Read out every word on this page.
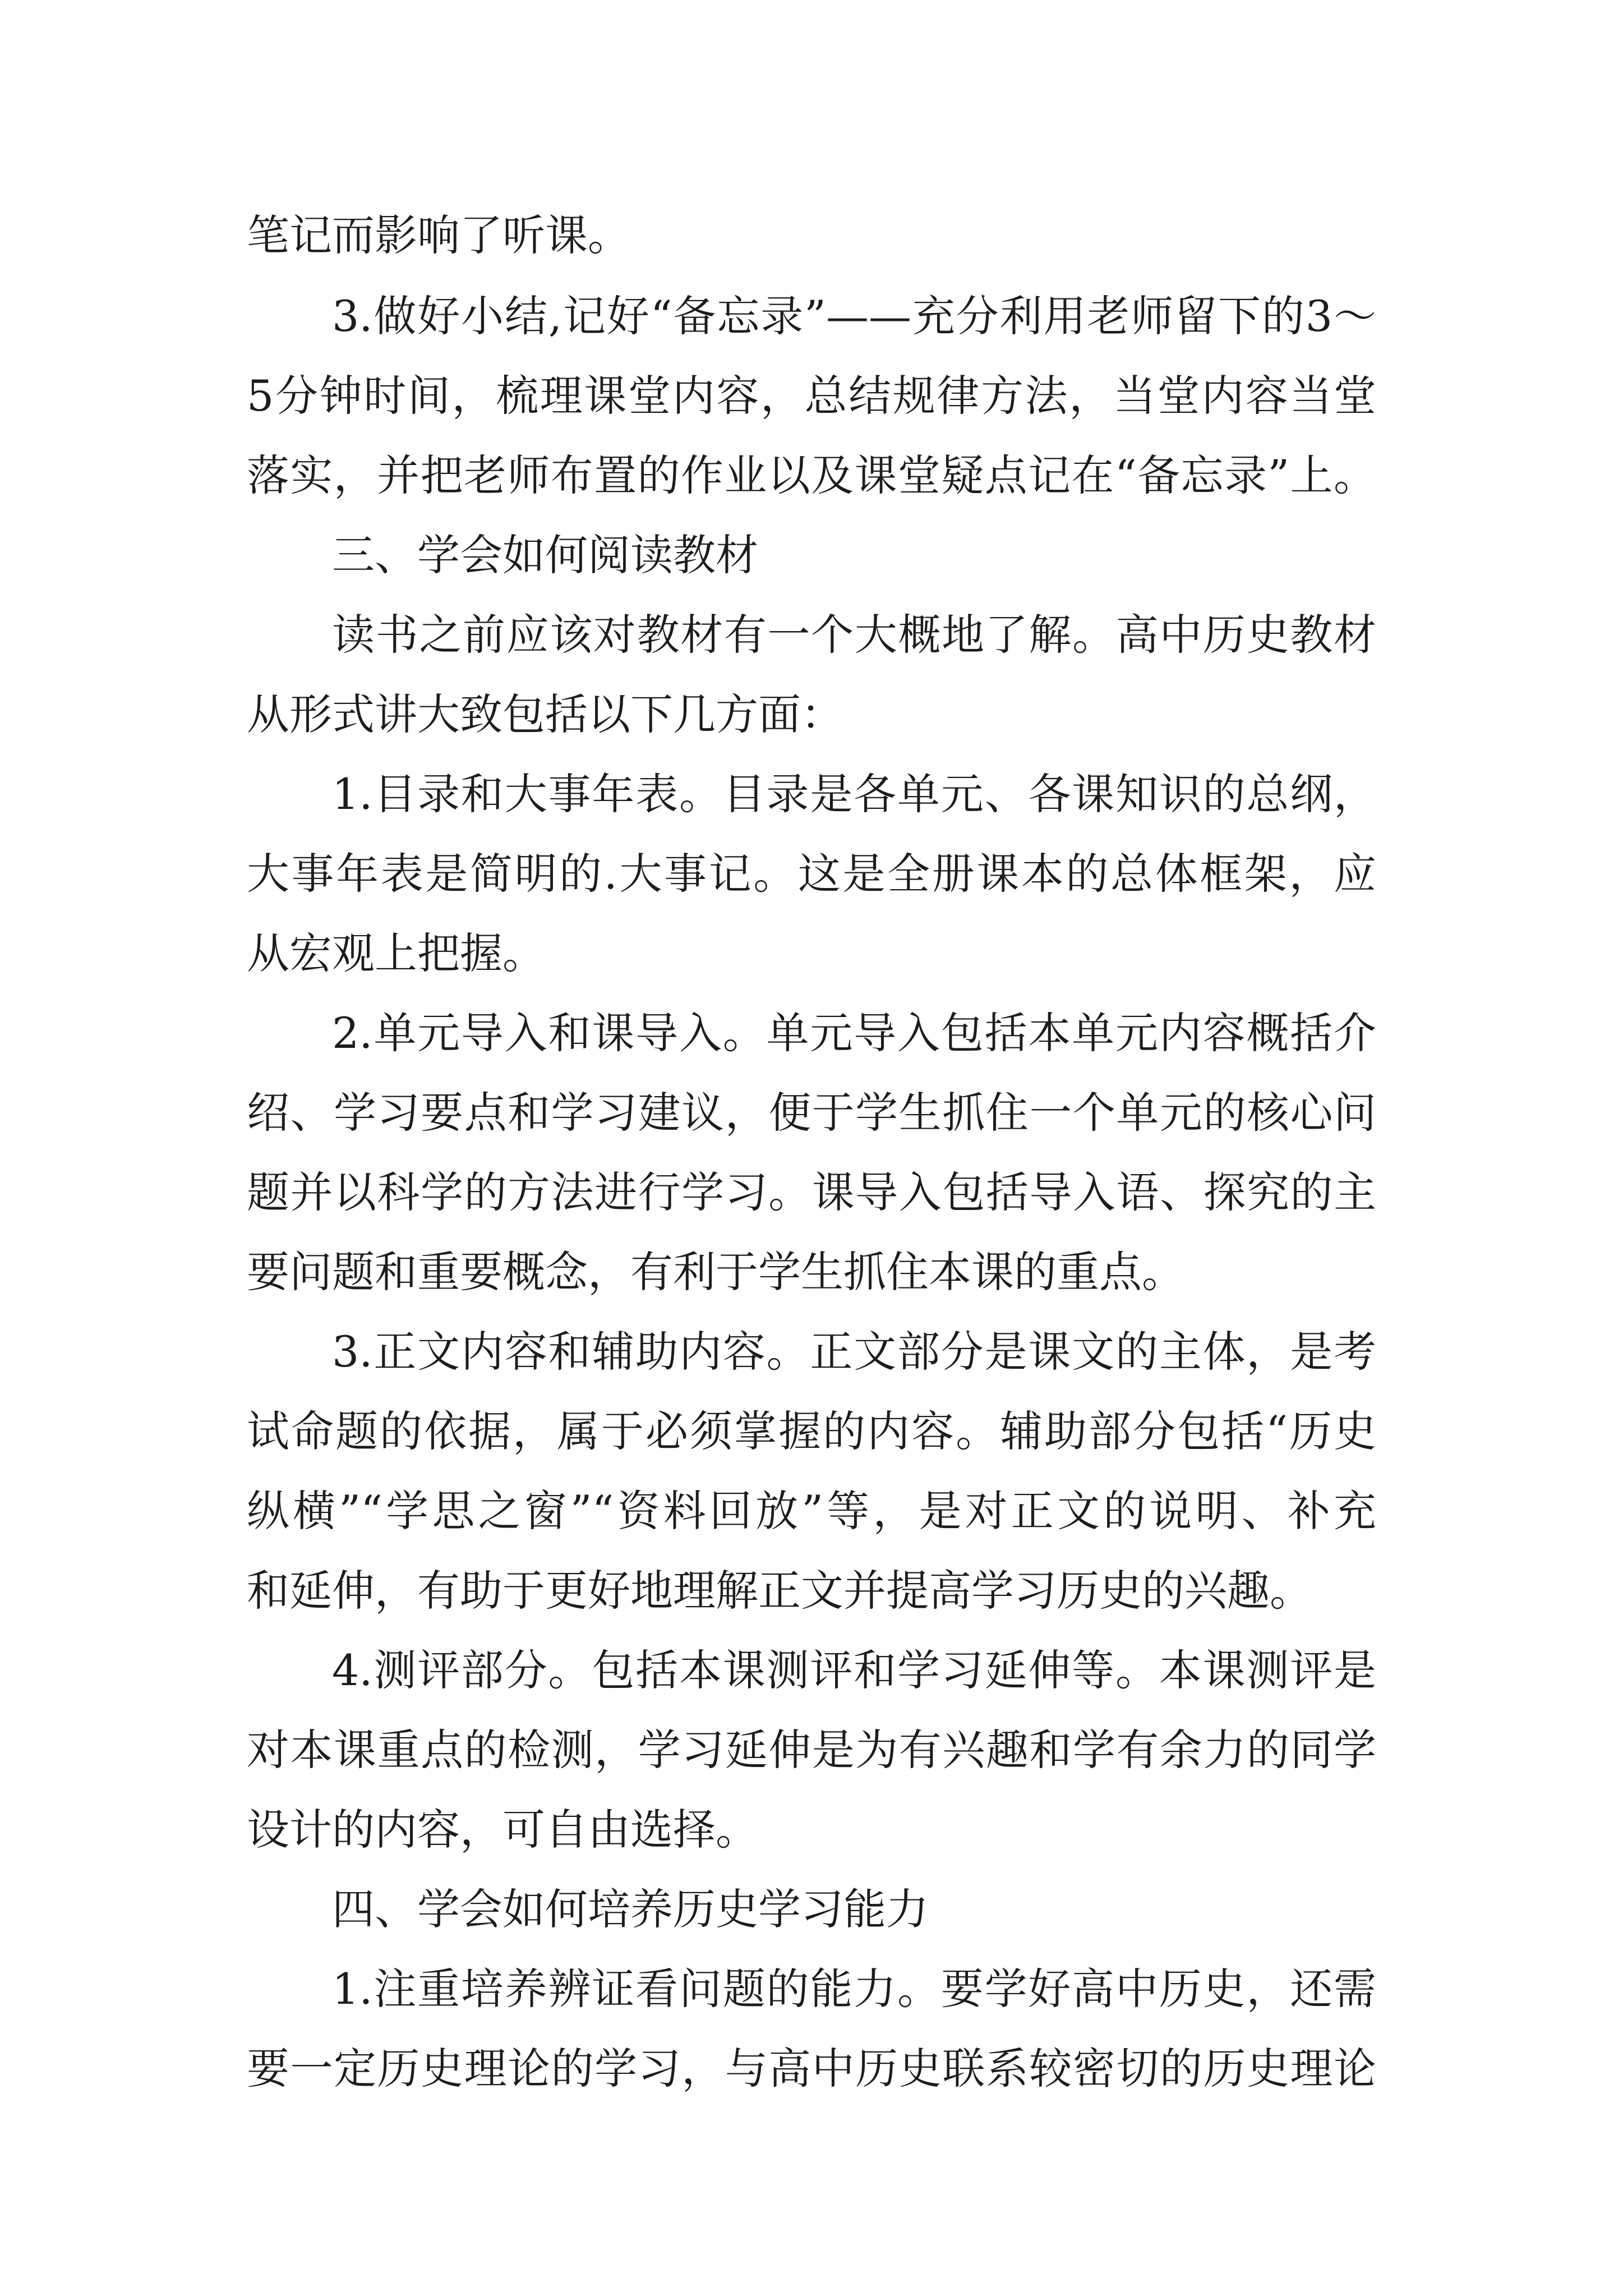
笔记而影响了听课。

3.做好小结,记好“备忘录”——充分利用老师留下的3～

5分钟时间，梳理课堂内容，总结规律方法，当堂内容当堂

落实，并把老师布置的作业以及课堂疑点记在“备忘录”上。

三、学会如何阅读教材

读书之前应该对教材有一个大概地了解。高中历史教材

从形式讲大致包括以下几方面：

1.目录和大事年表。目录是各单元、各课知识的总纲，

大事年表是简明的.大事记。这是全册课本的总体框架，应

从宏观上把握。

2.单元导入和课导入。单元导入包括本单元内容概括介

绍、学习要点和学习建议，便于学生抓住一个单元的核心问

题并以科学的方法进行学习。课导入包括导入语、探究的主

要问题和重要概念，有利于学生抓住本课的重点。

3.正文内容和辅助内容。正文部分是课文的主体，是考

试命题的依据，属于必须掌握的内容。辅助部分包括“历史

纵横”“学思之窗”“资料回放”等，是对正文的说明、补充

和延伸，有助于更好地理解正文并提高学习历史的兴趣。

4.测评部分。包括本课测评和学习延伸等。本课测评是

对本课重点的检测，学习延伸是为有兴趣和学有余力的同学

设计的内容，可自由选择。

四、学会如何培养历史学习能力

1.注重培养辨证看问题的能力。要学好高中历史，还需

要一定历史理论的学习，与高中历史联系较密切的历史理论
